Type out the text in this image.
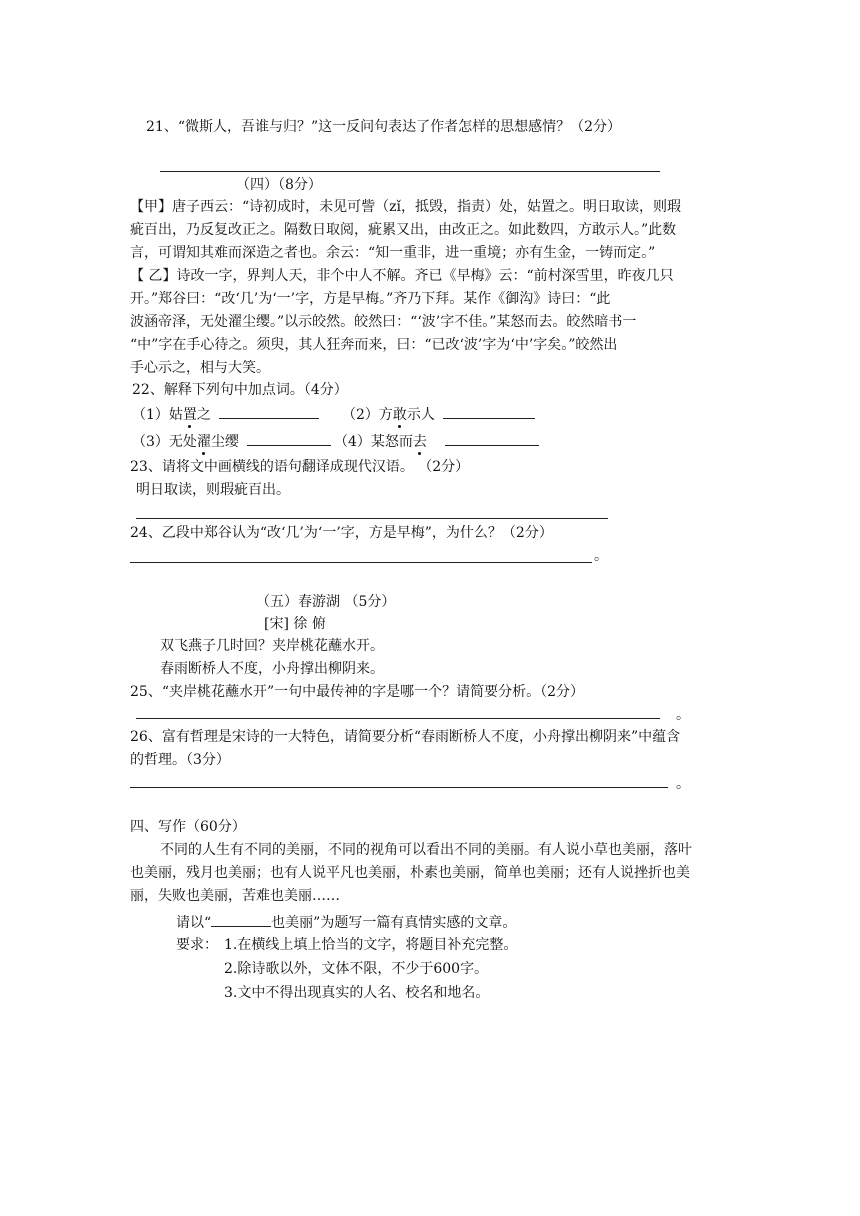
21、“微斯人，吾谁与归？”这一反问句表达了作者怎样的思想感情？（2分）
（四）（8分）
【甲】唐子西云：“诗初成时，未见可訾（zǐ，抵毁，指责）处，姑置之。明日取读，则瑕
疵百出，乃反复改正之。隔数日取阅，疵累又出，由改正之。如此数四，方敢示人。”此数
言，可谓知其难而深造之者也。余云：“知一重非，进一重境；亦有生金，一铸而定。”
【 乙】诗改一字，界判人天，非个中人不解。齐已《早梅》云：“前村深雪里，昨夜几只
开。”郑谷曰：“改‘几’为‘一’字，方是早梅。”齐乃下拜。某作《御沟》诗曰：“此
波涵帝泽，无处濯尘缨。”以示皎然。皎然曰：“‘波’字不佳。”某怒而去。皎然暗书一
“中”字在手心待之。须臾，其人狂奔而来，曰：“已改‘波’字为‘中’字矣。”皎然出
手心示之，相与大笑。
22、解释下列句中加点词。（4分）
（1）姑置之	（2）方敢示人
（3）无处濯尘缨	（4）某怒而去
23、请将文中画横线的语句翻译成现代汉语。 （2分）
明日取读，则瑕疵百出。
24、乙段中郑谷认为“改‘几’为‘一’字，方是早梅”，为什么？（2分）
。
（五）春游湖 （5分）
[宋] 徐 俯
双飞燕子几时回？夹岸桃花蘸水开。
春雨断桥人不度，小舟撑出柳阴来。
25、“夹岸桃花蘸水开”一句中最传神的字是哪一个？请简要分析。（2分）
。
26、富有哲理是宋诗的一大特色，请简要分析“春雨断桥人不度，小舟撑出柳阴来”中蕴含
的哲理。（3分）
。
四、写作（60分）
不同的人生有不同的美丽，不同的视角可以看出不同的美丽。有人说小草也美丽，落叶
也美丽，残月也美丽；也有人说平凡也美丽，朴素也美丽，简单也美丽；还有人说挫折也美
丽，失败也美丽，苦难也美丽……
请以“	也美丽”为题写一篇有真情实感的文章。
要求： 1.在横线上填上恰当的文字，将题目补充完整。
2.除诗歌以外，文体不限，不少于600字。
3.文中不得出现真实的人名、校名和地名。
